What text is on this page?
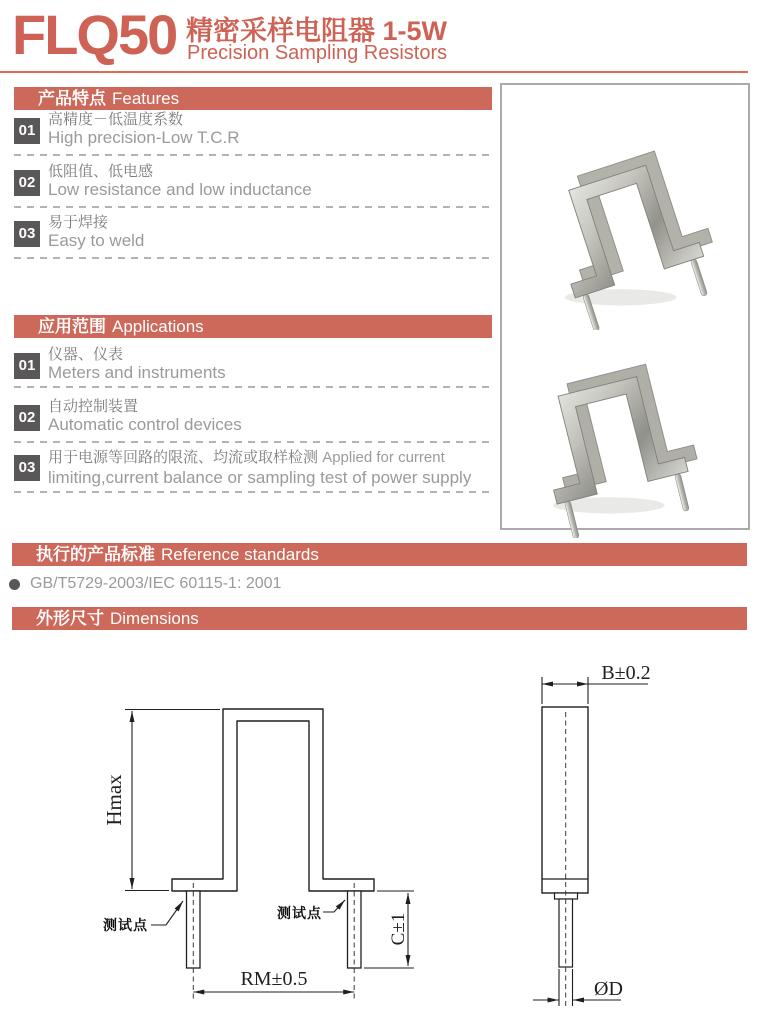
FLQ50 精密采样电阻器 1-5W
Precision Sampling Resistors
产品特点 Features
01
高精度－低温度系数
High precision-Low T.C.R
02
低阻值、低电感
Low resistance and low inductance
03
易于焊接
Easy to weld
应用范围 Applications
01
仪器、仪表
Meters and instruments
02
自动控制装置
Automatic control devices
03
用于电源等回路的限流、均流或取样检测 Applied for current
limiting,current balance or sampling test of power supply
执行的产品标准 Reference standards
GB/T5729-2003/IEC 60115-1: 2001
外形尺寸 Dimensions
Hmax
C±1
RM±0.5
测试点
测试点
B±0.2
ØD
